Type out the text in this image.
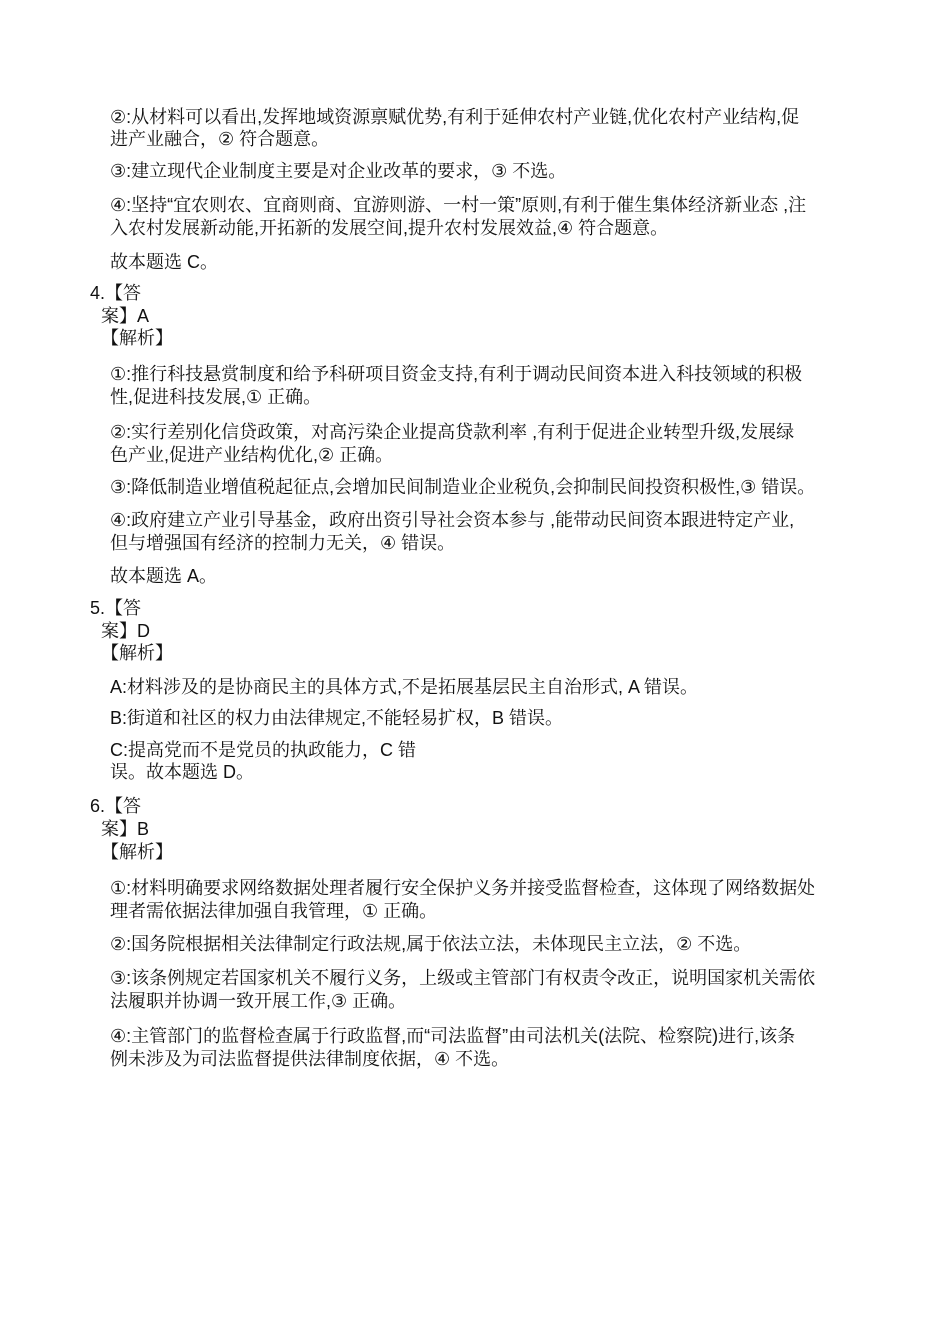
②:从材料可以看出,发挥地域资源禀赋优势,有利于延伸农村产业链,优化农村产业结构,促
进产业融合，② 符合题意。
③:建立现代企业制度主要是对企业改革的要求，③ 不选。
④:坚持“宜农则农、宜商则商、宜游则游、一村一策”原则,有利于催生集体经济新业态 ,注
入农村发展新动能,开拓新的发展空间,提升农村发展效益,④ 符合题意。
故本题选 C。
4.【答
案】A
【解析】
①:推行科技悬赏制度和给予科研项目资金支持,有利于调动民间资本进入科技领域的积极
性,促进科技发展,① 正确。
②:实行差别化信贷政策，对高污染企业提高贷款利率 ,有利于促进企业转型升级,发展绿
色产业,促进产业结构优化,② 正确。
③:降低制造业增值税起征点,会增加民间制造业企业税负,会抑制民间投资积极性,③ 错误。
④:政府建立产业引导基金，政府出资引导社会资本参与 ,能带动民间资本跟进特定产业,
但与增强国有经济的控制力无关，④ 错误。
故本题选 A。
5.【答
案】D
【解析】
A:材料涉及的是协商民主的具体方式,不是拓展基层民主自治形式, A 错误。
B:街道和社区的权力由法律规定,不能轻易扩权，B 错误。
C:提高党而不是党员的执政能力，C 错
误。故本题选 D。
6.【答
案】B
【解析】
①:材料明确要求网络数据处理者履行安全保护义务并接受监督检查，这体现了网络数据处
理者需依据法律加强自我管理，① 正确。
②:国务院根据相关法律制定行政法规,属于依法立法，未体现民主立法，② 不选。
③:该条例规定若国家机关不履行义务，上级或主管部门有权责令改正，说明国家机关需依
法履职并协调一致开展工作,③ 正确。
④:主管部门的监督检查属于行政监督,而“司法监督”由司法机关(法院、检察院)进行,该条
例未涉及为司法监督提供法律制度依据，④ 不选。
